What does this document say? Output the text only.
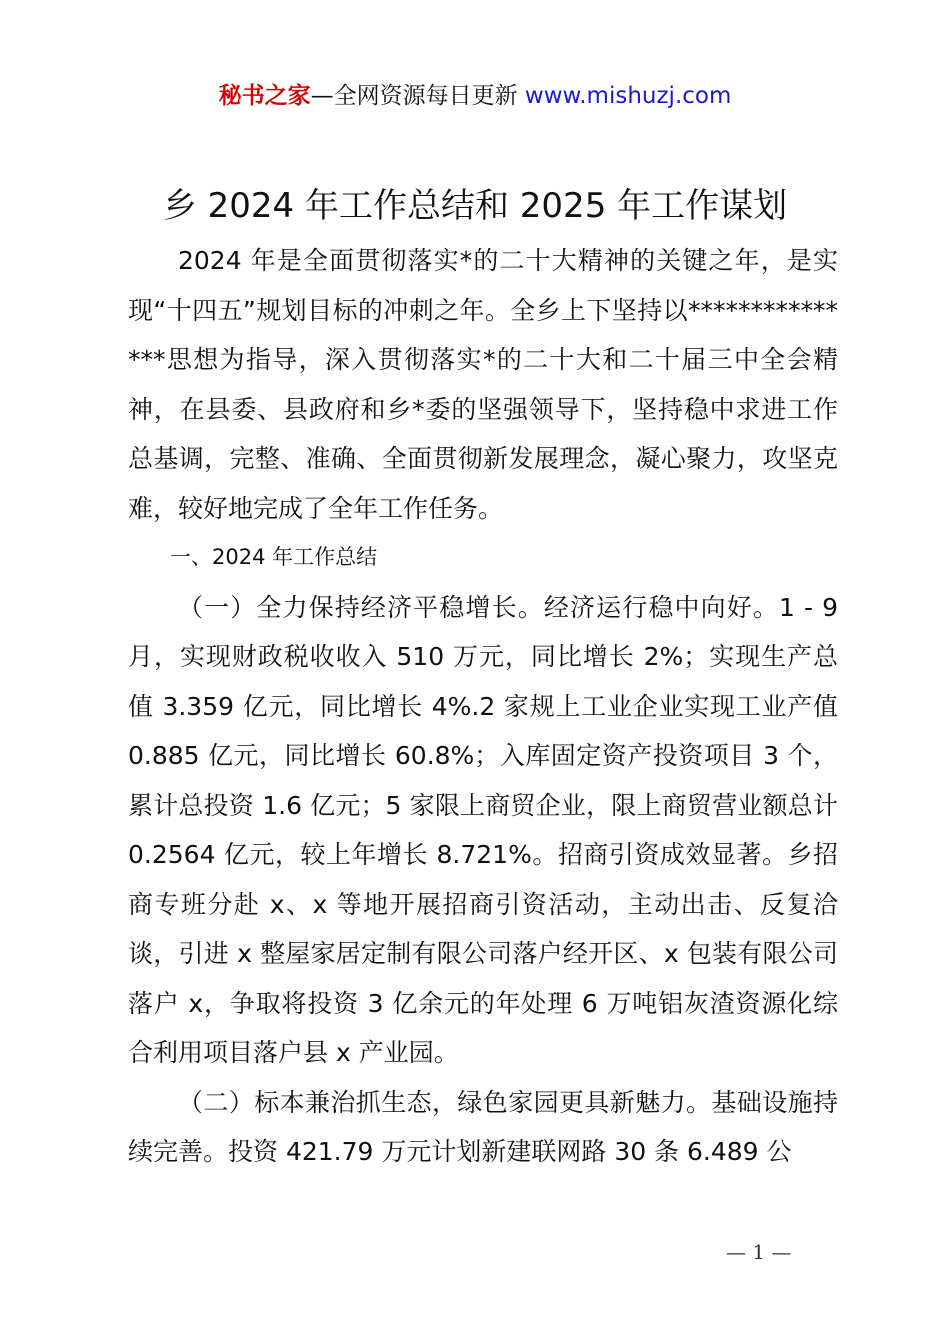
秘书之家—全网资源每日更新 www.mishuzj.com
乡 2024 年工作总结和 2025 年工作谋划

2024 年是全面贯彻落实*的二十大精神的关键之年，是实现“十四五”规划目标的冲刺之年。全乡上下坚持以***************思想为指导，深入贯彻落实*的二十大和二十届三中全会精神，在县委、县政府和乡*委的坚强领导下，坚持稳中求进工作总基调，完整、准确、全面贯彻新发展理念，凝心聚力，攻坚克难，较好地完成了全年工作任务。

一、2024 年工作总结

（一）全力保持经济平稳增长。经济运行稳中向好。1 - 9 月，实现财政税收收入 510 万元，同比增长 2%；实现生产总值 3.359 亿元，同比增长 4%.2 家规上工业企业实现工业产值 0.885 亿元，同比增长 60.8%；入库固定资产投资项目 3 个，累计总投资 1.6 亿元；5 家限上商贸企业，限上商贸营业额总计 0.2564 亿元，较上年增长 8.721%。招商引资成效显著。乡招商专班分赴 x、x 等地开展招商引资活动，主动出击、反复洽谈，引进 x 整屋家居定制有限公司落户经开区、x 包装有限公司落户 x，争取将投资 3 亿余元的年处理 6 万吨铝灰渣资源化综合利用项目落户县 x 产业园。

（二）标本兼治抓生态，绿色家园更具新魅力。基础设施持续完善。投资 421.79 万元计划新建联网路 30 条 6.489 公

— 1 —
